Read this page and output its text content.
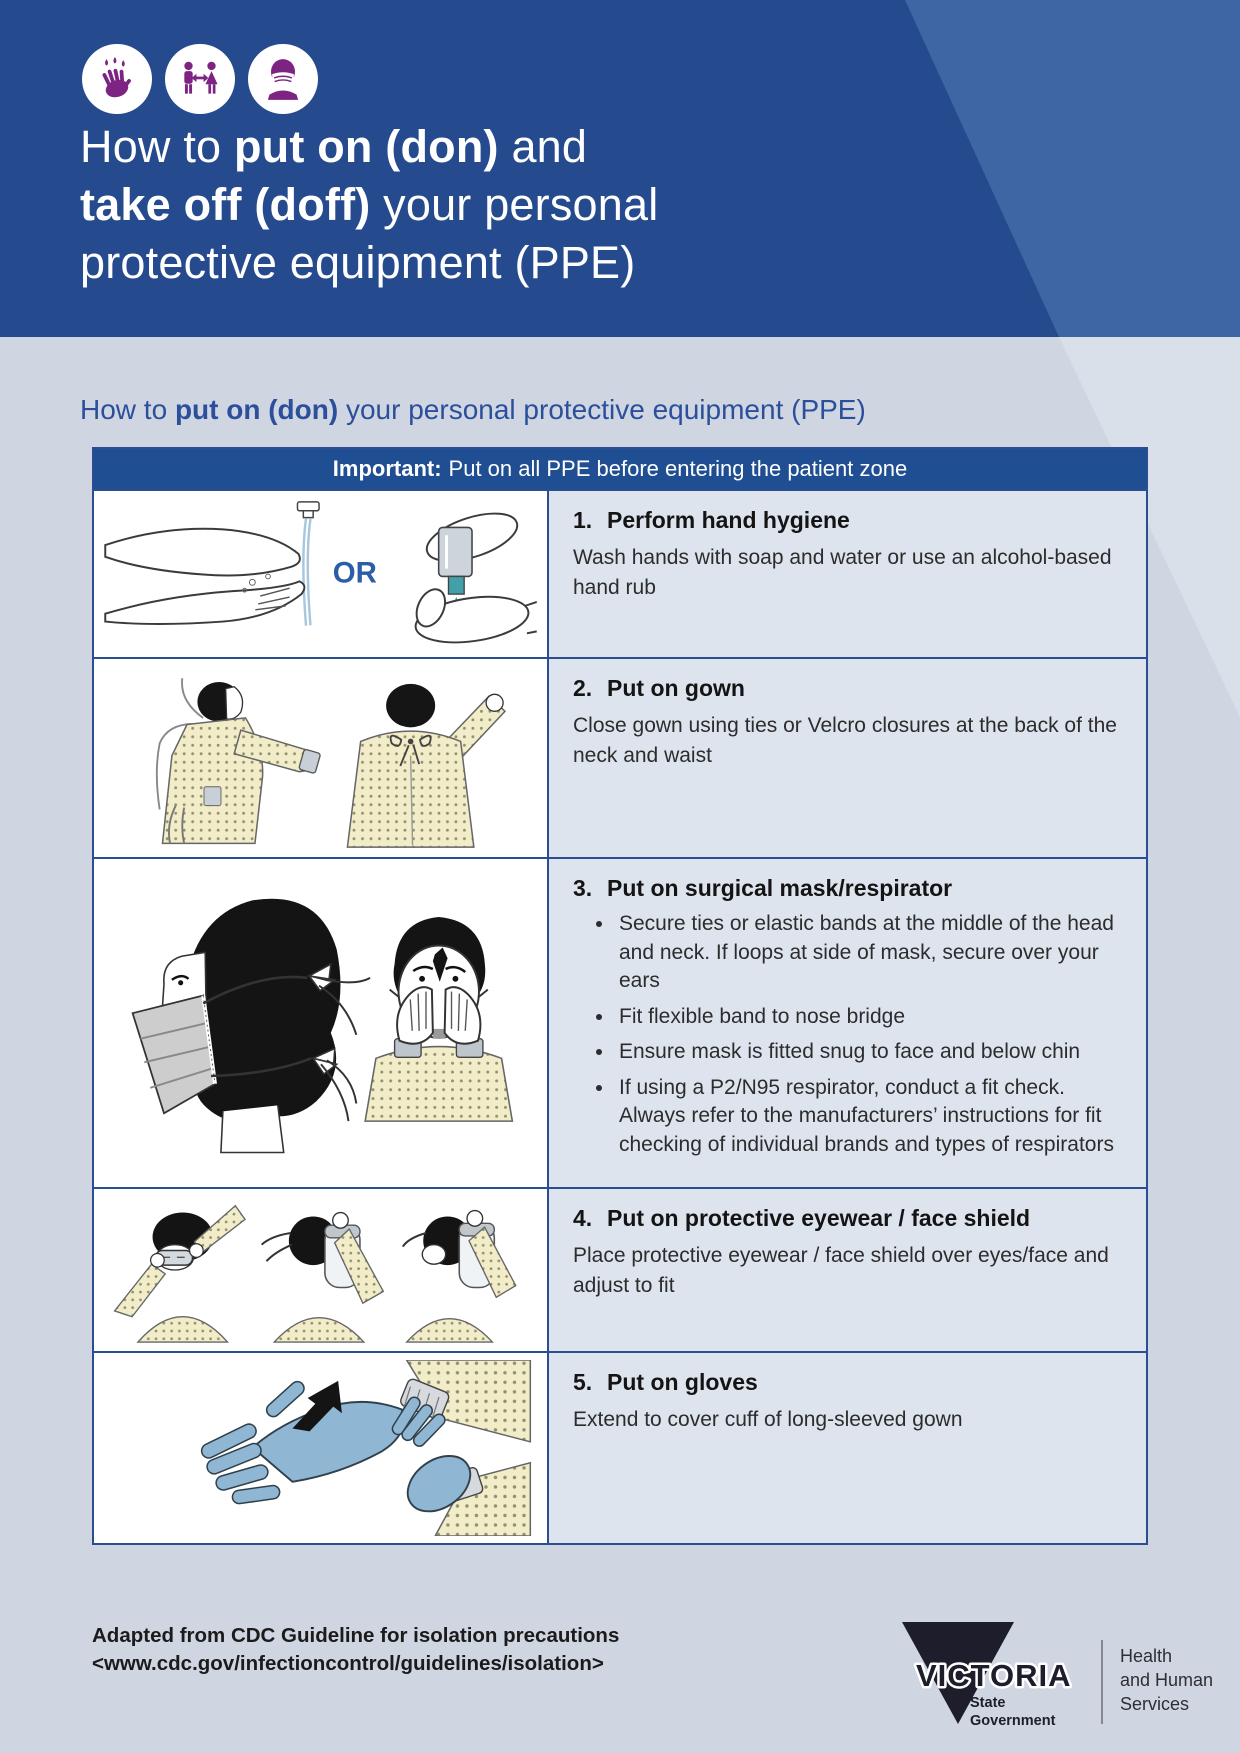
How to put on (don) and
take off (doff) your personal
protective equipment (PPE)
How to put on (don) your personal protective equipment (PPE)
Important: Put on all PPE before entering the patient zone
OR
1. Perform hand hygiene
Wash hands with soap and water or use an alcohol-based hand rub
2. Put on gown
Close gown using ties or Velcro closures at the back of the neck and waist
3. Put on surgical mask/respirator
• Secure ties or elastic bands at the middle of the head and neck. If loops at side of mask, secure over your ears
• Fit flexible band to nose bridge
• Ensure mask is fitted snug to face and below chin
• If using a P2/N95 respirator, conduct a fit check. Always refer to the manufacturers’ instructions for fit checking of individual brands and types of respirators
4. Put on protective eyewear / face shield
Place protective eyewear / face shield over eyes/face and adjust to fit
5. Put on gloves
Extend to cover cuff of long-sleeved gown
Adapted from CDC Guideline for isolation precautions
<www.cdc.gov/infectioncontrol/guidelines/isolation>	VICTORIA
State
Government
Health
and Human
Services
